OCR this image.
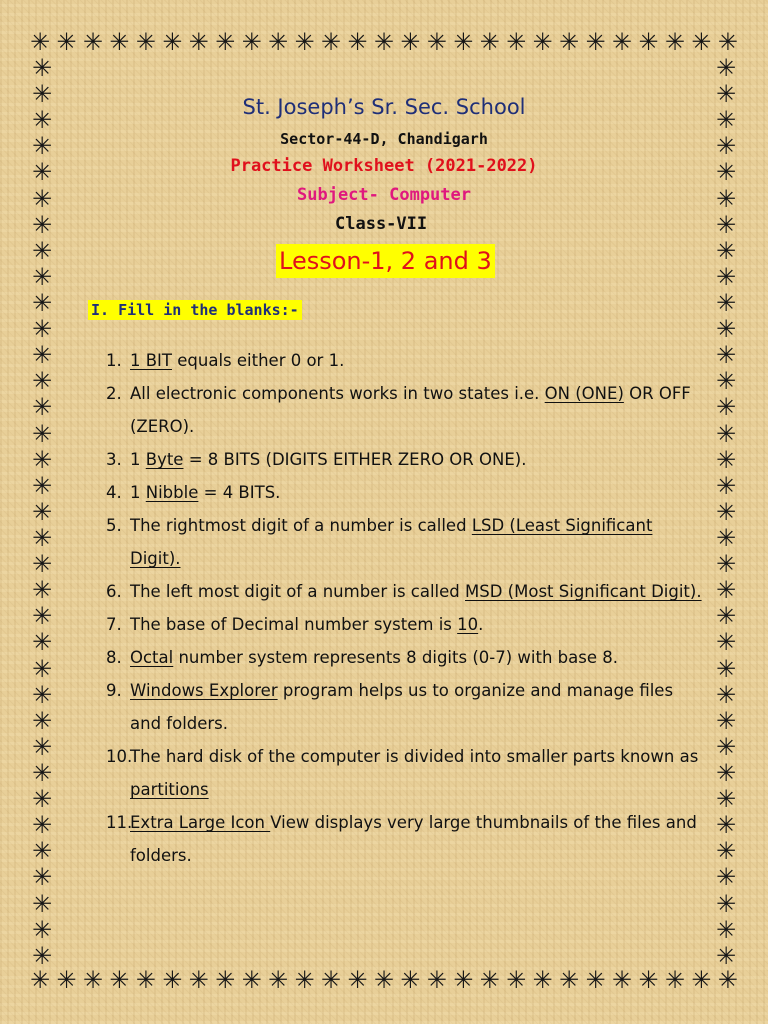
✳ ✳ ✳ ✳ ✳ ✳ ✳ ✳ ✳ ✳ ✳ ✳ ✳ ✳ ✳ ✳ ✳ ✳ ✳ ✳ ✳ ✳ ✳ ✳ ✳ ✳ ✳
✳ ✳ ✳ ✳ ✳ ✳ ✳ ✳ ✳ ✳ ✳ ✳ ✳ ✳ ✳ ✳ ✳ ✳ ✳ ✳ ✳ ✳ ✳ ✳ ✳ ✳ ✳
✳
✳
✳
✳
✳
✳
✳
✳
✳
✳
✳
✳
✳
✳
✳
✳
✳
✳
✳
✳
✳
✳
✳
✳
✳
✳
✳
✳
✳
✳
✳
✳
✳
✳
✳
✳
✳
✳
✳
✳
✳
✳
✳
✳
✳
✳
✳
✳
✳
✳
✳
✳
✳
✳
✳
✳
✳
✳
✳
✳
✳
✳
✳
✳
✳
✳
✳
✳
✳
✳
St. Joseph’s Sr. Sec. School
Sector-44-D, Chandigarh
Practice Worksheet (2021-2022)
Subject- Computer
Class-VII
Lesson-1, 2 and 3
I. Fill in the blanks:-
1. 1 BIT equals either 0 or 1.
2. All electronic components works in two states i.e. ON (ONE) OR OFF (ZERO).
3. 1 Byte = 8 BITS (DIGITS EITHER ZERO OR ONE).
4. 1 Nibble = 4 BITS.
5. The rightmost digit of a number is called LSD (Least Significant Digit).
6. The left most digit of a number is called MSD (Most Significant Digit).
7. The base of Decimal number system is 10.
8. Octal number system represents 8 digits (0-7) with base 8.
9. Windows Explorer program helps us to organize and manage files and folders.
10.
The hard disk of the computer is divided into smaller parts known as partitions
11.
Extra Large Icon View displays very large thumbnails of the files and folders.
